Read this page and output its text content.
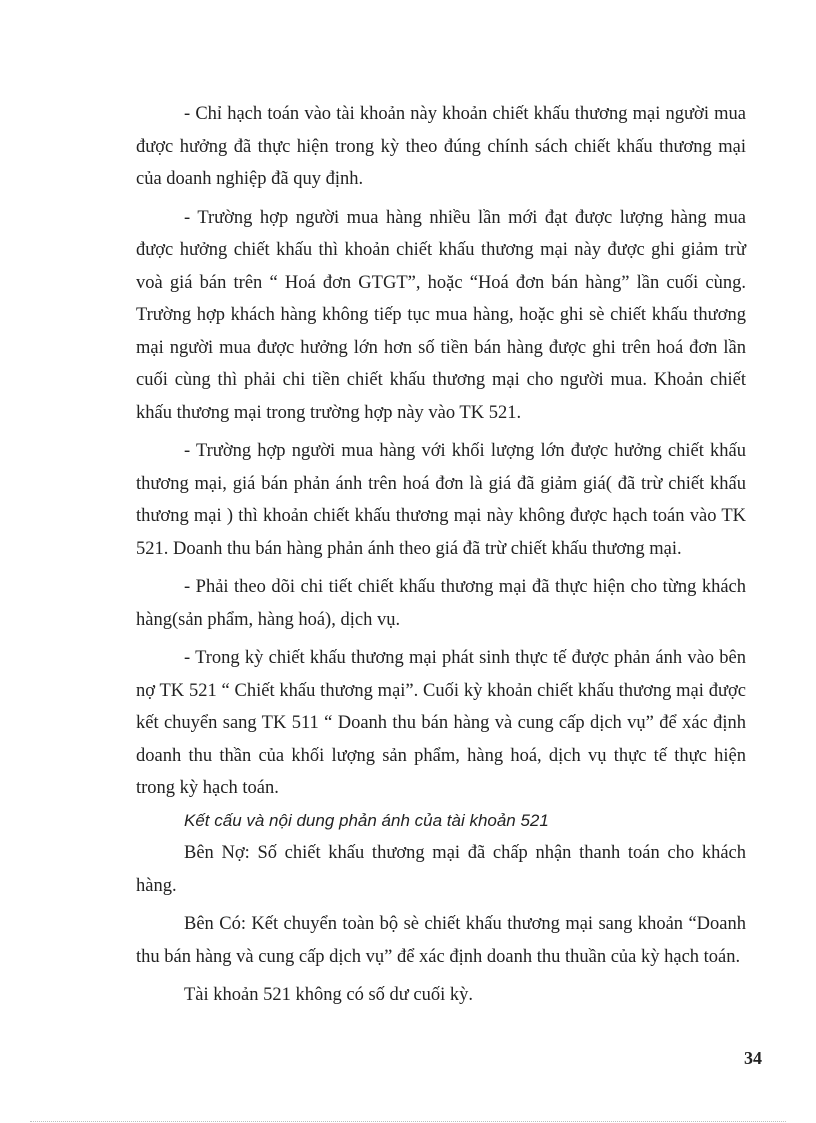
- Chỉ hạch toán vào tài khoản này khoản chiết khấu thương mại người mua được hưởng đã thực hiện trong kỳ theo đúng chính sách chiết khấu thương mại của doanh nghiệp đã quy định.

- Trường hợp người mua hàng nhiều lần mới đạt được lượng hàng mua được hưởng chiết khấu thì khoản chiết khấu thương mại này được ghi giảm trừ voà giá bán trên “ Hoá đơn GTGT”, hoặc “Hoá đơn bán hàng” lần cuối cùng. Trường hợp khách hàng không tiếp tục mua hàng, hoặc ghi sè chiết khấu thương mại người mua được hưởng lớn hơn số tiền bán hàng được ghi trên hoá đơn lần cuối cùng thì phải chi tiền chiết khấu thương mại cho người mua. Khoản chiết khấu thương mại trong trường hợp này vào TK 521.

- Trường hợp người mua hàng với khối lượng lớn được hưởng chiết khấu thương mại, giá bán phản ánh trên hoá đơn là giá đã giảm giá( đã trừ chiết khấu thương mại ) thì khoản chiết khấu thương mại này không được hạch toán vào TK 521. Doanh thu bán hàng phản ánh theo giá đã trừ chiết khấu thương mại.

- Phải theo dõi chi tiết chiết khấu thương mại đã thực hiện cho từng khách hàng(sản phẩm, hàng hoá), dịch vụ.

- Trong kỳ chiết khấu thương mại phát sinh thực tế được phản ánh vào bên nợ TK 521 “ Chiết khấu thương mại”. Cuối kỳ khoản chiết khấu thương mại được kết chuyển sang TK 511 “ Doanh thu bán hàng và cung cấp dịch vụ” để xác định doanh thu thần của khối lượng sản phẩm, hàng hoá, dịch vụ thực tế thực hiện trong kỳ hạch toán.

Kết cấu và nội dung phản ánh của tài khoản 521

Bên Nợ: Số chiết khấu thương mại đã chấp nhận thanh toán cho khách hàng.

Bên Có: Kết chuyển toàn bộ sè chiết khấu thương mại sang khoản “Doanh thu bán hàng và cung cấp dịch vụ” để xác định doanh thu thuần của kỳ hạch toán.

Tài khoản 521 không có số dư cuối kỳ.

34
